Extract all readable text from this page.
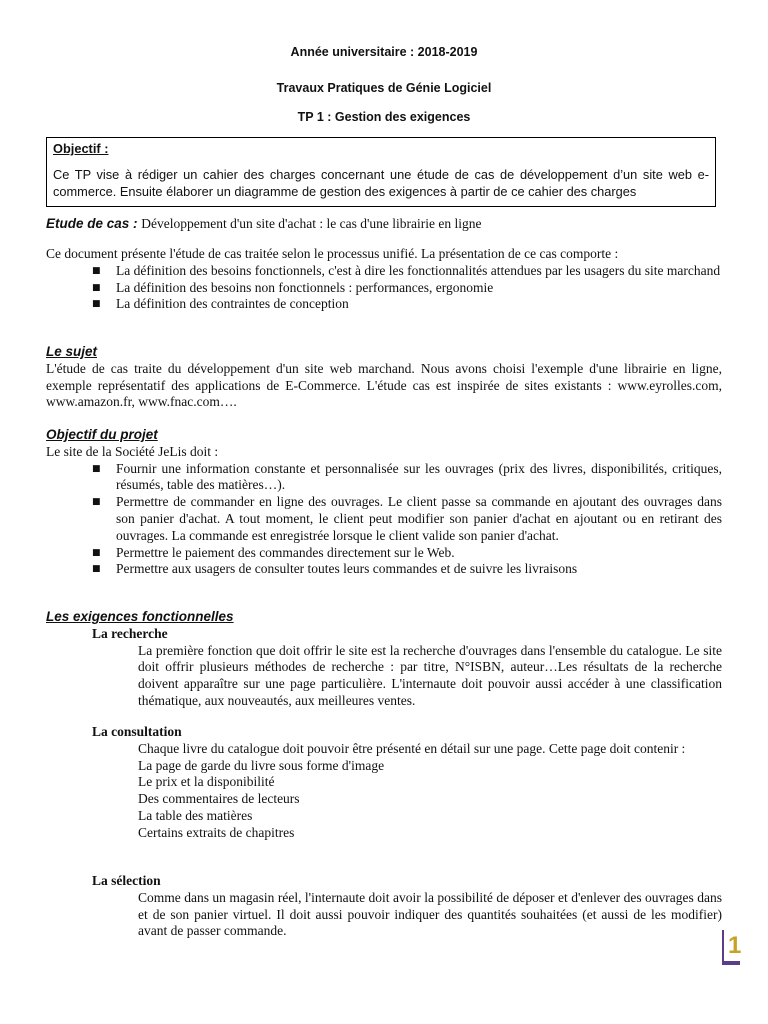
Année universitaire : 2018-2019
Travaux Pratiques de Génie Logiciel
TP 1 : Gestion des exigences
Objectif :
Ce TP vise à rédiger un cahier des charges concernant une étude de cas de développement d’un site web e-commerce. Ensuite élaborer un diagramme de gestion des exigences à partir de ce cahier des charges
Etude de cas : Développement d'un site d'achat : le cas d'une librairie en ligne
Ce document présente l'étude de cas traitée selon le processus unifié. La présentation de ce cas comporte :
■ La définition des besoins fonctionnels, c'est à dire les fonctionnalités attendues par les usagers du site marchand
■ La définition des besoins non fonctionnels : performances, ergonomie
■ La définition des contraintes de conception
Le sujet
L'étude de cas traite du développement d'un site web marchand. Nous avons choisi l'exemple d'une librairie en ligne, exemple représentatif des applications de E-Commerce. L'étude cas est inspirée de sites existants : www.eyrolles.com, www.amazon.fr, www.fnac.com….
Objectif du projet
Le site de la Société JeLis doit :
■ Fournir une information constante et personnalisée sur les ouvrages (prix des livres, disponibilités, critiques, résumés, table des matières…).
■ Permettre de commander en ligne des ouvrages. Le client passe sa commande en ajoutant des ouvrages dans son panier d'achat. A tout moment, le client peut modifier son panier d'achat en ajoutant ou en retirant des ouvrages. La commande est enregistrée lorsque le client valide son panier d'achat.
■ Permettre le paiement des commandes directement sur le Web.
■ Permettre aux usagers de consulter toutes leurs commandes et de suivre les livraisons
Les exigences fonctionnelles
La recherche
La première fonction que doit offrir le site est la recherche d'ouvrages dans l'ensemble du catalogue. Le site doit offrir plusieurs méthodes de recherche : par titre, N°ISBN, auteur…Les résultats de la recherche doivent apparaître sur une page particulière. L'internaute doit pouvoir aussi accéder à une classification thématique, aux nouveautés, aux meilleures ventes.
La consultation
Chaque livre du catalogue doit pouvoir être présenté en détail sur une page. Cette page doit contenir :
La page de garde du livre sous forme d'image
Le prix et la disponibilité
Des commentaires de lecteurs
La table des matières
Certains extraits de chapitres
La sélection
Comme dans un magasin réel, l'internaute doit avoir la possibilité de déposer et d'enlever des ouvrages dans et de son panier virtuel. Il doit aussi pouvoir indiquer des quantités souhaitées (et aussi de les modifier) avant de passer commande.
1
